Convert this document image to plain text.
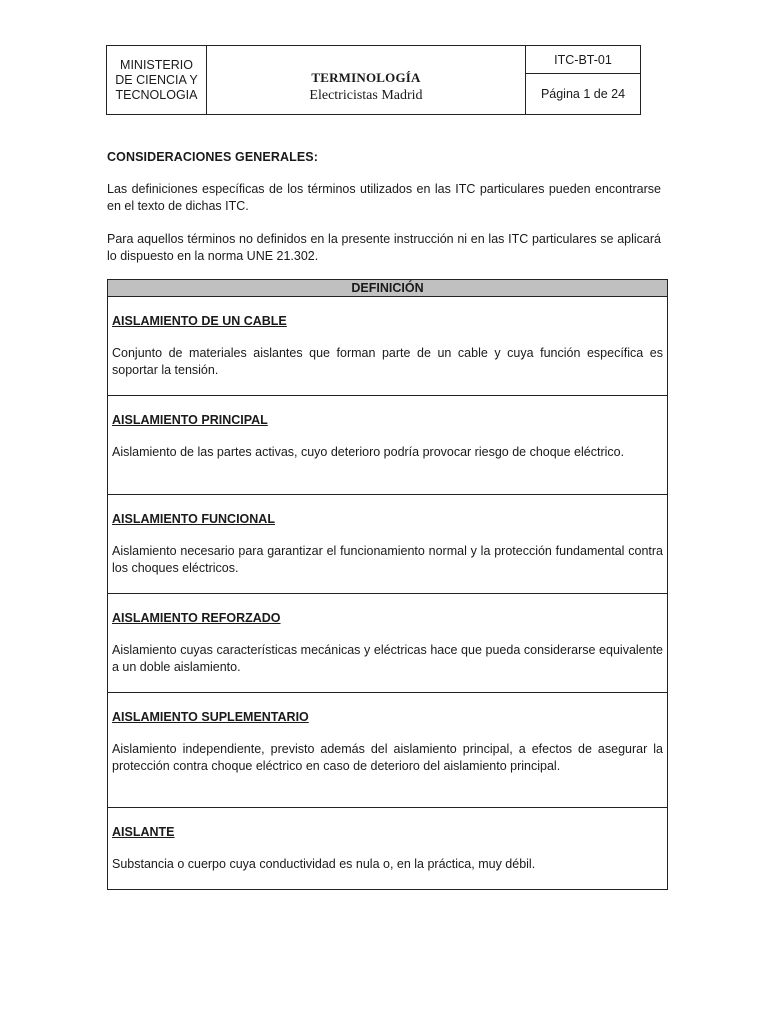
MINISTERIO
DE CIENCIA Y
TECNOLOGIA

TERMINOLOGÍA
Electricistas Madrid
	ITC-BT-01
Página 1 de 24
CONSIDERACIONES GENERALES:

Las definiciones específicas de los términos utilizados en las ITC particulares pueden encontrarse en el texto de dichas ITC.

Para aquellos términos no definidos en la presente instrucción ni en las ITC particulares se aplicará lo dispuesto en la norma UNE 21.302.

DEFINICIÓN

AISLAMIENTO DE UN CABLE
Conjunto de materiales aislantes que forman parte de un cable y cuya función específica es soportar la tensión.

AISLAMIENTO PRINCIPAL
Aislamiento de las partes activas, cuyo deterioro podría provocar riesgo de choque eléctrico.

AISLAMIENTO FUNCIONAL
Aislamiento necesario para garantizar el funcionamiento normal y la protección fundamental contra los choques eléctricos.

AISLAMIENTO REFORZADO
Aislamiento cuyas características mecánicas y eléctricas hace que pueda considerarse equivalente a un doble aislamiento.

AISLAMIENTO SUPLEMENTARIO
Aislamiento independiente, previsto además del aislamiento principal, a efectos de asegurar la protección contra choque eléctrico en caso de deterioro del aislamiento principal.

AISLANTE
Substancia o cuerpo cuya conductividad es nula o, en la práctica, muy débil.
